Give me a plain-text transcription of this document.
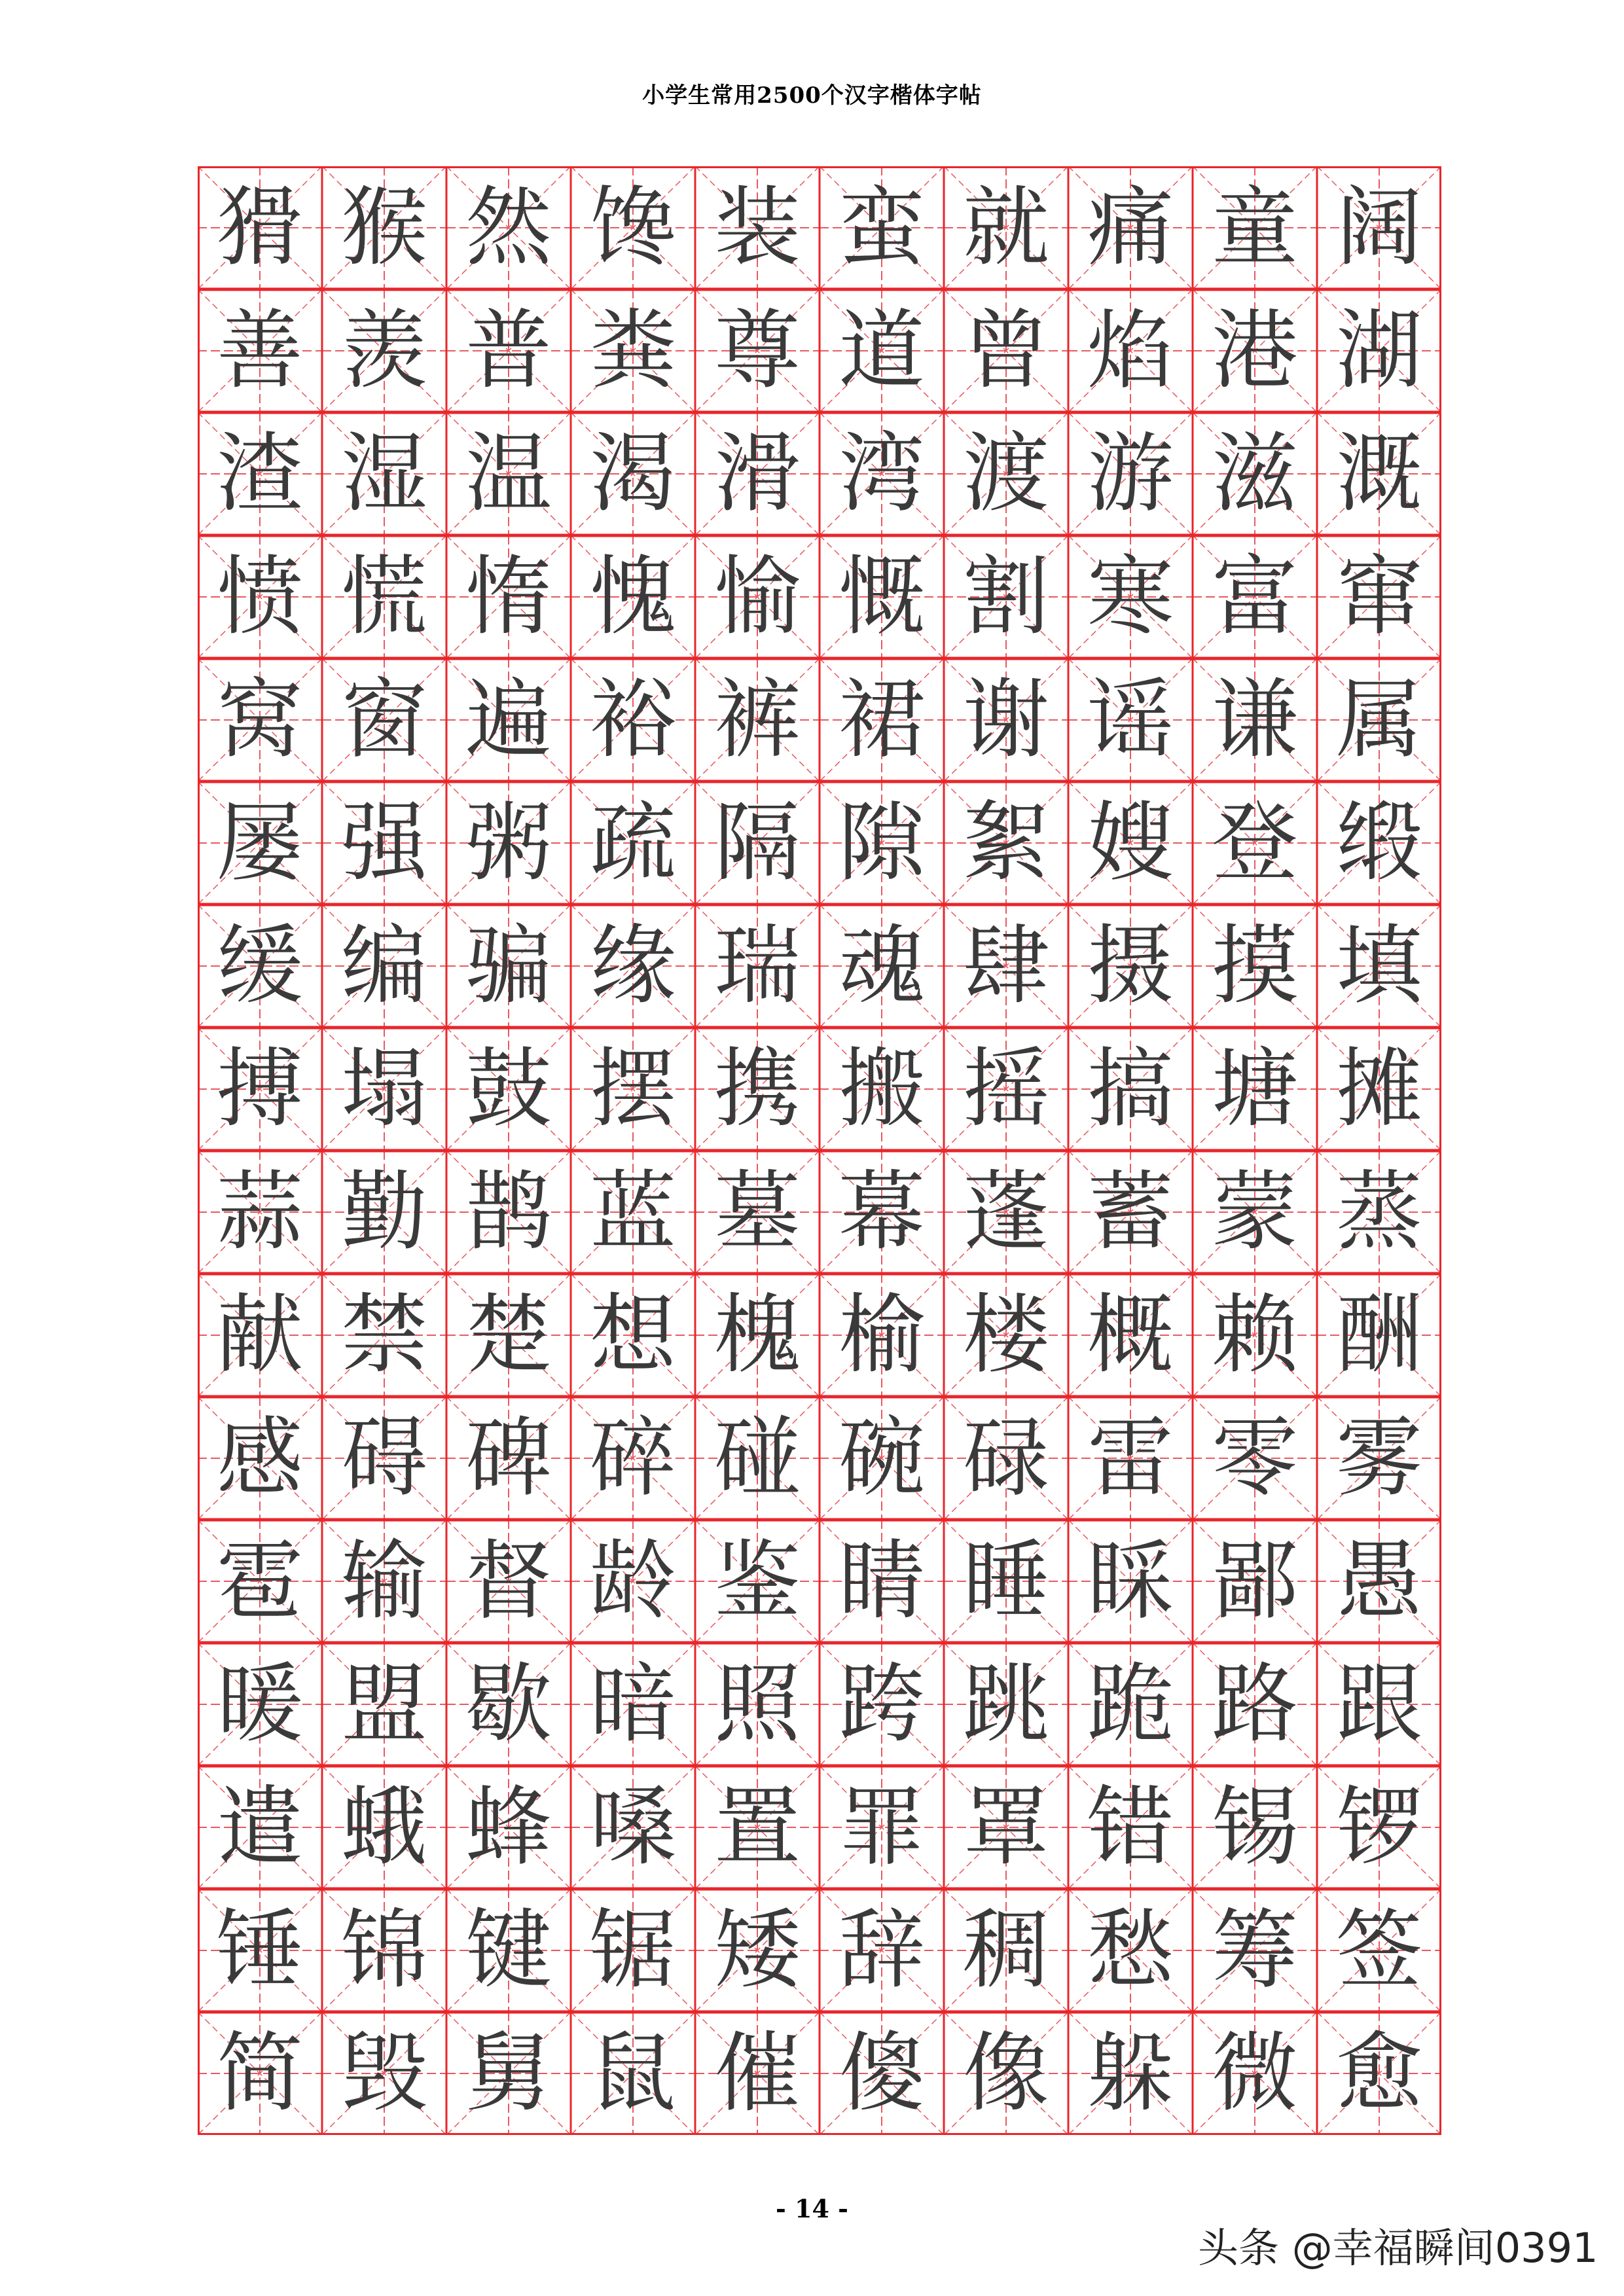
小学生常用2500个汉字楷体字帖
猾 猴 然 馋 装 蛮 就 痛 童 阔
善 羡 普 粪 尊 道 曾 焰 港 湖
渣 湿 温 渴 滑 湾 渡 游 滋 溉
愤 慌 惰 愧 愉 慨 割 寒 富 窜
窝 窗 遍 裕 裤 裙 谢 谣 谦 属
屡 强 粥 疏 隔 隙 絮 嫂 登 缎
缓 编 骗 缘 瑞 魂 肆 摄 摸 填
搏 塌 鼓 摆 携 搬 摇 搞 塘 摊
蒜 勤 鹊 蓝 墓 幕 蓬 蓄 蒙 蒸
献 禁 楚 想 槐 榆 楼 概 赖 酬
感 碍 碑 碎 碰 碗 碌 雷 零 雾
雹 输 督 龄 鉴 睛 睡 睬 鄙 愚
暖 盟 歇 暗 照 跨 跳 跪 路 跟
遣 蛾 蜂 嗓 置 罪 罩 错 锡 锣
锤 锦 键 锯 矮 辞 稠 愁 筹 签
简 毁 舅 鼠 催 傻 像 躲 微 愈
- 14 -
头条 @幸福瞬间0391
